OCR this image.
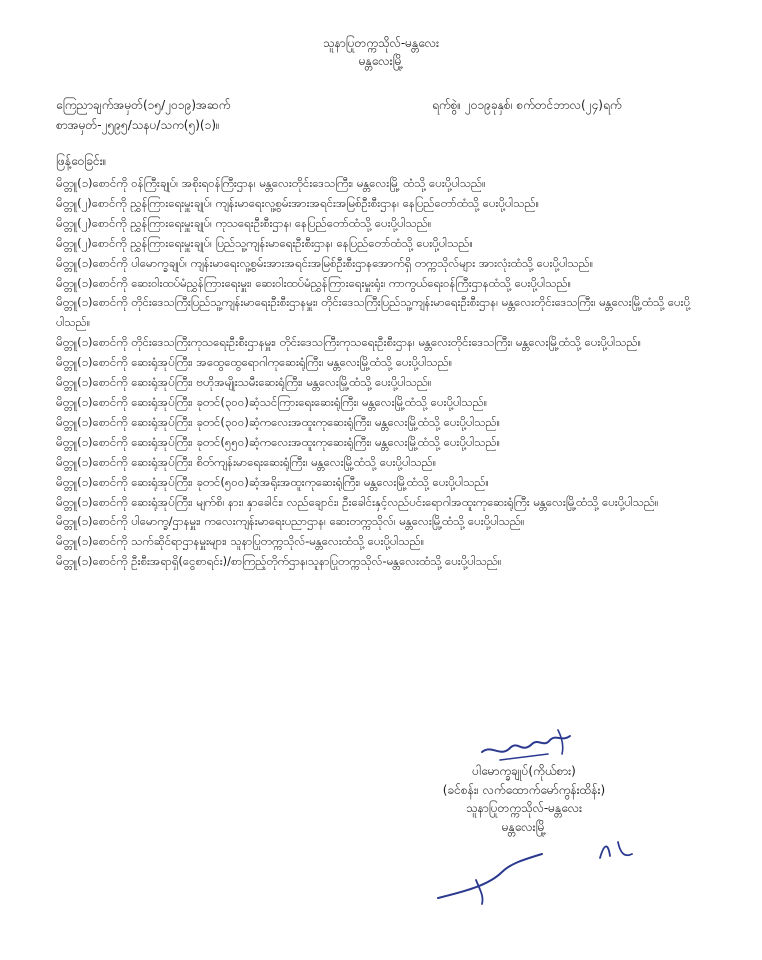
သူနာပြုတက္ကသိုလ်-မန္တလေး
မန္တလေးမြို့
ကြေညာချက်အမှတ်(၁၅/၂၀၁၉)အဆက်
စာအမှတ်-၂၅၉၅/သနပ/သက(၅)(၁)။
ရက်စွဲ။ ၂၀၁၉ခုနှစ်၊ စက်တင်ဘာလ(၂၄)ရက်
ဖြန့်ဝေခြင်း။
မိတ္တူ(၁)စောင်ကို ဝန်ကြီးချုပ်၊ အစိုးရဝန်ကြီးဌာန၊ မန္တလေးတိုင်းဒေသကြီး၊ မန္တလေးမြို့ ထံသို့ ပေးပို့ပါသည်။
မိတ္တူ(၂)စောင်ကို ညွှန်ကြားရေးမှူးချုပ်၊ ကျန်းမာရေးလူ့စွမ်းအားအရင်းအမြစ်ဦးစီးဌာန၊ နေပြည်တော်ထံသို့ ပေးပို့ပါသည်။
မိတ္တူ(၂)စောင်ကို ညွှန်ကြားရေးမှူးချုပ်၊ ကုသရေးဦးစီးဌာန၊ နေပြည်တော်ထံသို့ ပေးပို့ပါသည်။
မိတ္တူ(၂)စောင်ကို ညွှန်ကြားရေးမှူးချုပ်၊ ပြည်သူ့ကျန်းမာရေးဦးစီးဌာန၊ နေပြည်တော်ထံသို့ ပေးပို့ပါသည်။
မိတ္တူ(၁)စောင်ကို ပါမောက္ခချုပ်၊ ကျန်းမာရေးလူ့စွမ်းအားအရင်းအမြစ်ဦးစီးဌာနအောက်ရှိ တက္ကသိုလ်များ အားလုံးထံသို့ ပေးပို့ပါသည်။
မိတ္တူ(၁)စောင်ကို ဆေးဝါးထပ်မံညွှန်ကြားရေးမှူး၊ ဆေးဝါးထပ်မံညွှန်ကြားရေးမှူးရုံး၊ ကာကွယ်ရေးဝန်ကြီးဌာနထံသို့ ပေးပို့ပါသည်။
မိတ္တူ(၁)စောင်ကို တိုင်းဒေသကြီးပြည်သူ့ကျန်းမာရေးဦးစီးဌာနမှူး၊ တိုင်းဒေသကြီးပြည်သူ့ကျန်းမာရေးဦးစီးဌာန၊ မန္တလေးတိုင်းဒေသကြီး၊ မန္တလေးမြို့ထံသို့ ပေးပို့ပါသည်။
မိတ္တူ(၁)စောင်ကို တိုင်းဒေသကြီးကုသရေးဦးစီးဌာနမှူး၊ တိုင်းဒေသကြီးကုသရေးဦးစီးဌာန၊ မန္တလေးတိုင်းဒေသကြီး၊ မန္တလေးမြို့ထံသို့ ပေးပို့ပါသည်။
မိတ္တူ(၁)စောင်ကို ဆေးရုံအုပ်ကြီး၊ အထွေထွေရောဂါကုဆေးရုံကြီး၊ မန္တလေးမြို့ထံသို့ ပေးပို့ပါသည်။
မိတ္တူ(၁)စောင်ကို ဆေးရုံအုပ်ကြီး၊ ဗဟိုအမျိုးသမီးဆေးရုံကြီး၊ မန္တလေးမြို့ထံသို့ ပေးပို့ပါသည်။
မိတ္တူ(၁)စောင်ကို ဆေးရုံအုပ်ကြီး၊ ခုတင်(၃၀၀)ဆံ့သင်ကြားရေးဆေးရုံကြီး၊ မန္တလေးမြို့ထံသို့ ပေးပို့ပါသည်။
မိတ္တူ(၁)စောင်ကို ဆေးရုံအုပ်ကြီး၊ ခုတင်(၃၀၀)ဆံ့ကလေးအထူးကုဆေးရုံကြီး၊ မန္တလေးမြို့ထံသို့ ပေးပို့ပါသည်။
မိတ္တူ(၁)စောင်ကို ဆေးရုံအုပ်ကြီး၊ ခုတင်(၅၅၀)ဆံ့ကလေးအထူးကုဆေးရုံကြီး၊ မန္တလေးမြို့ထံသို့ ပေးပို့ပါသည်။
မိတ္တူ(၁)စောင်ကို ဆေးရုံအုပ်ကြီး၊ စိတ်ကျန်းမာရေးဆေးရုံကြီး၊ မန္တလေးမြို့ထံသို့ ပေးပို့ပါသည်။
မိတ္တူ(၁)စောင်ကို ဆေးရုံအုပ်ကြီး၊ ခုတင်(၅၀၀)ဆံ့အရိုးအထူးကုဆေးရုံကြီး၊ မန္တလေးမြို့ထံသို့ ပေးပို့ပါသည်။
မိတ္တူ(၁)စောင်ကို ဆေးရုံအုပ်ကြီး၊ မျက်စိ၊ နား၊ နှာခေါင်း၊ လည်ချောင်း၊ ဦးခေါင်းနှင့်လည်ပင်းရောဂါအထူးကုဆေးရုံကြီး မန္တလေးမြို့ထံသို့ ပေးပို့ပါသည်။
မိတ္တူ(၁)စောင်ကို ပါမောက္ခ/ဌာနမှူး၊ ကလေးကျန်းမာရေးပညာဌာန၊ ဆေးတက္ကသိုလ်၊ မန္တလေးမြို့ထံသို့ ပေးပို့ပါသည်။
မိတ္တူ(၁)စောင်ကို သက်ဆိုင်ရာဌာနမှူးများ၊ သူနာပြုတက္ကသိုလ်-မန္တလေးထံသို့ ပေးပို့ပါသည်။
မိတ္တူ(၁)စောင်ကို ဦးစီးအရာရှိ(ငွေစာရင်း)/စာကြည့်တိုက်ဌာန၊သူနာပြုတက္ကသိုလ်-မန္တလေးထံသို့ ပေးပို့ပါသည်။
ပါမောက္ခချုပ်(ကိုယ်စား)
(ခင်စန်း၊ လက်ထောက်မော်ကွန်းထိန်း)
သူနာပြုတက္ကသိုလ်-မန္တလေး
မန္တလေးမြို့
